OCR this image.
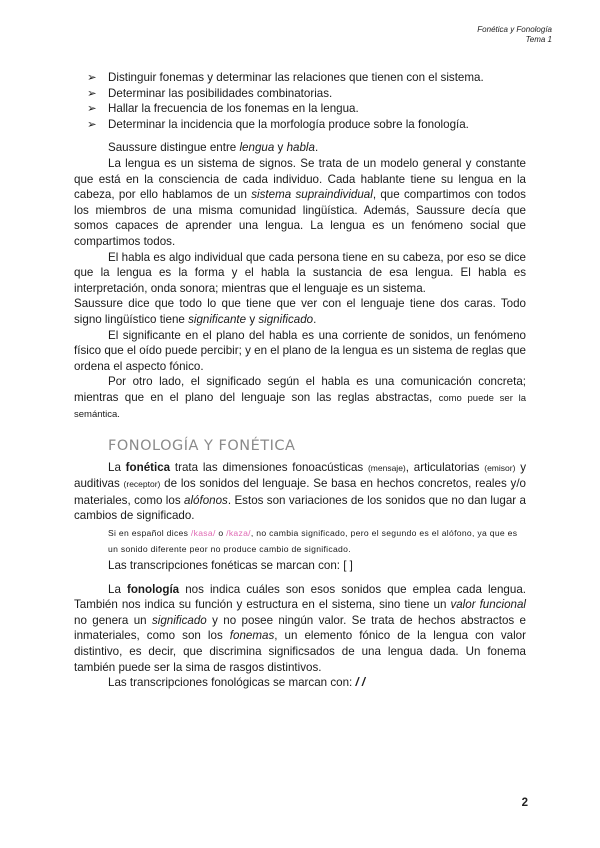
Fonética y Fonología
Tema 1
➢ Distinguir fonemas y determinar las relaciones que tienen con el sistema.
➢ Determinar las posibilidades combinatorias.
➢ Hallar la frecuencia de los fonemas en la lengua.
➢ Determinar la incidencia que la morfología produce sobre la fonología.

Saussure distingue entre lengua y habla.

La lengua es un sistema de signos. Se trata de un modelo general y constante que está en la consciencia de cada individuo. Cada hablante tiene su lengua en la cabeza, por ello hablamos de un sistema supraindividual, que compartimos con todos los miembros de una misma comunidad lingüística. Además, Saussure decía que somos capaces de aprender una lengua. La lengua es un fenómeno social que compartimos todos.

El habla es algo individual que cada persona tiene en su cabeza, por eso se dice que la lengua es la forma y el habla la sustancia de esa lengua. El habla es interpretación, onda sonora; mientras que el lenguaje es un sistema.

Saussure dice que todo lo que tiene que ver con el lenguaje tiene dos caras. Todo signo lingüístico tiene significante y significado.

El significante en el plano del habla es una corriente de sonidos, un fenómeno físico que el oído puede percibir; y en el plano de la lengua es un sistema de reglas que ordena el aspecto fónico.

Por otro lado, el significado según el habla es una comunicación concreta; mientras que en el plano del lenguaje son las reglas abstractas, como puede ser la semántica.

FONOLOGÍA Y FONÉTICA

La fonética trata las dimensiones fonoacústicas (mensaje), articulatorias (emisor) y auditivas (receptor) de los sonidos del lenguaje. Se basa en hechos concretos, reales y/o materiales, como los alófonos. Estos son variaciones de los sonidos que no dan lugar a cambios de significado.

Si en español dices /kasa/ o /kaza/, no cambia significado, pero el segundo es el alófono, ya que es un sonido diferente peor no produce cambio de significado.

Las transcripciones fonéticas se marcan con: [ ]

La fonología nos indica cuáles son esos sonidos que emplea cada lengua. También nos indica su función y estructura en el sistema, sino tiene un valor funcional no genera un significado y no posee ningún valor. Se trata de hechos abstractos e inmateriales, como son los fonemas, un elemento fónico de la lengua con valor distintivo, es decir, que discrimina significsados de una lengua dada. Un fonema también puede ser la sima de rasgos distintivos.

Las transcripciones fonológicas se marcan con: / /

2
